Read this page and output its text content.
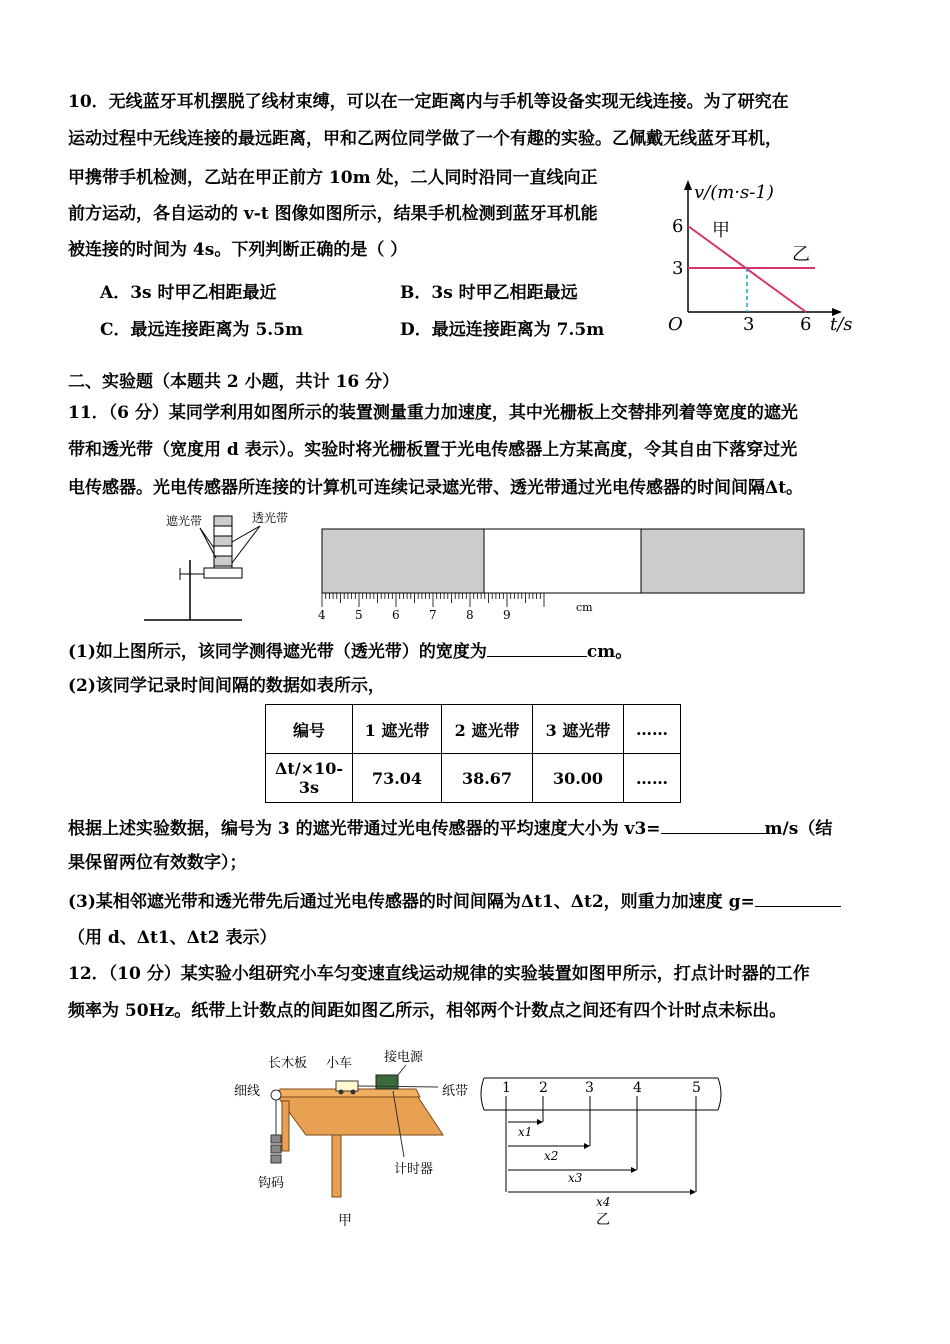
10．无线蓝牙耳机摆脱了线材束缚，可以在一定距离内与手机等设备实现无线连接。为了研究在
运动过程中无线连接的最远距离，甲和乙两位同学做了一个有趣的实验。乙佩戴无线蓝牙耳机，
甲携带手机检测，乙站在甲正前方 10m 处，二人同时沿同一直线向正
前方运动，各自运动的 v-t 图像如图所示，结果手机检测到蓝牙耳机能
被连接的时间为 4s。下列判断正确的是（ ）
A．3s 时甲乙相距最近	B．3s 时甲乙相距最远
C．最远连接距离为 5.5m	D．最远连接距离为 7.5m
v/(m·s-1)
t/s
O
6
3
3	6
甲
乙
二、实验题（本题共 2 小题，共计 16 分）
11．（6 分）某同学利用如图所示的装置测量重力加速度，其中光栅板上交替排列着等宽度的遮光
带和透光带（宽度用 d 表示）。实验时将光栅板置于光电传感器上方某高度，令其自由下落穿过光
电传感器。光电传感器所连接的计算机可连续记录遮光带、透光带通过光电传感器的时间间隔Δt。
遮光带	透光带
4 5 6 7 8 9
cm
(1)如上图所示，该同学测得遮光带（透光带）的宽度为	cm。
(2)该同学记录时间间隔的数据如表所示，
编号	1 遮光带	2 遮光带	3 遮光带	……
Δt/×10-3s	73.04	38.67	30.00	……
根据上述实验数据，编号为 3 的遮光带通过光电传感器的平均速度大小为 v3=	m/s（结
果保留两位有效数字）；
(3)某相邻遮光带和透光带先后通过光电传感器的时间间隔为Δt1、Δt2，则重力加速度 g=
（用 d、Δt1、Δt2 表示）
12．（10 分）某实验小组研究小车匀变速直线运动规律的实验装置如图甲所示，打点计时器的工作
频率为 50Hz。纸带上计数点的间距如图乙所示，相邻两个计数点之间还有四个计时点未标出。
长木板 小车 接电源
细线	纸带
计时器
钩码
甲
1 2	3	4	5
x1
x2
x3
x4
乙
